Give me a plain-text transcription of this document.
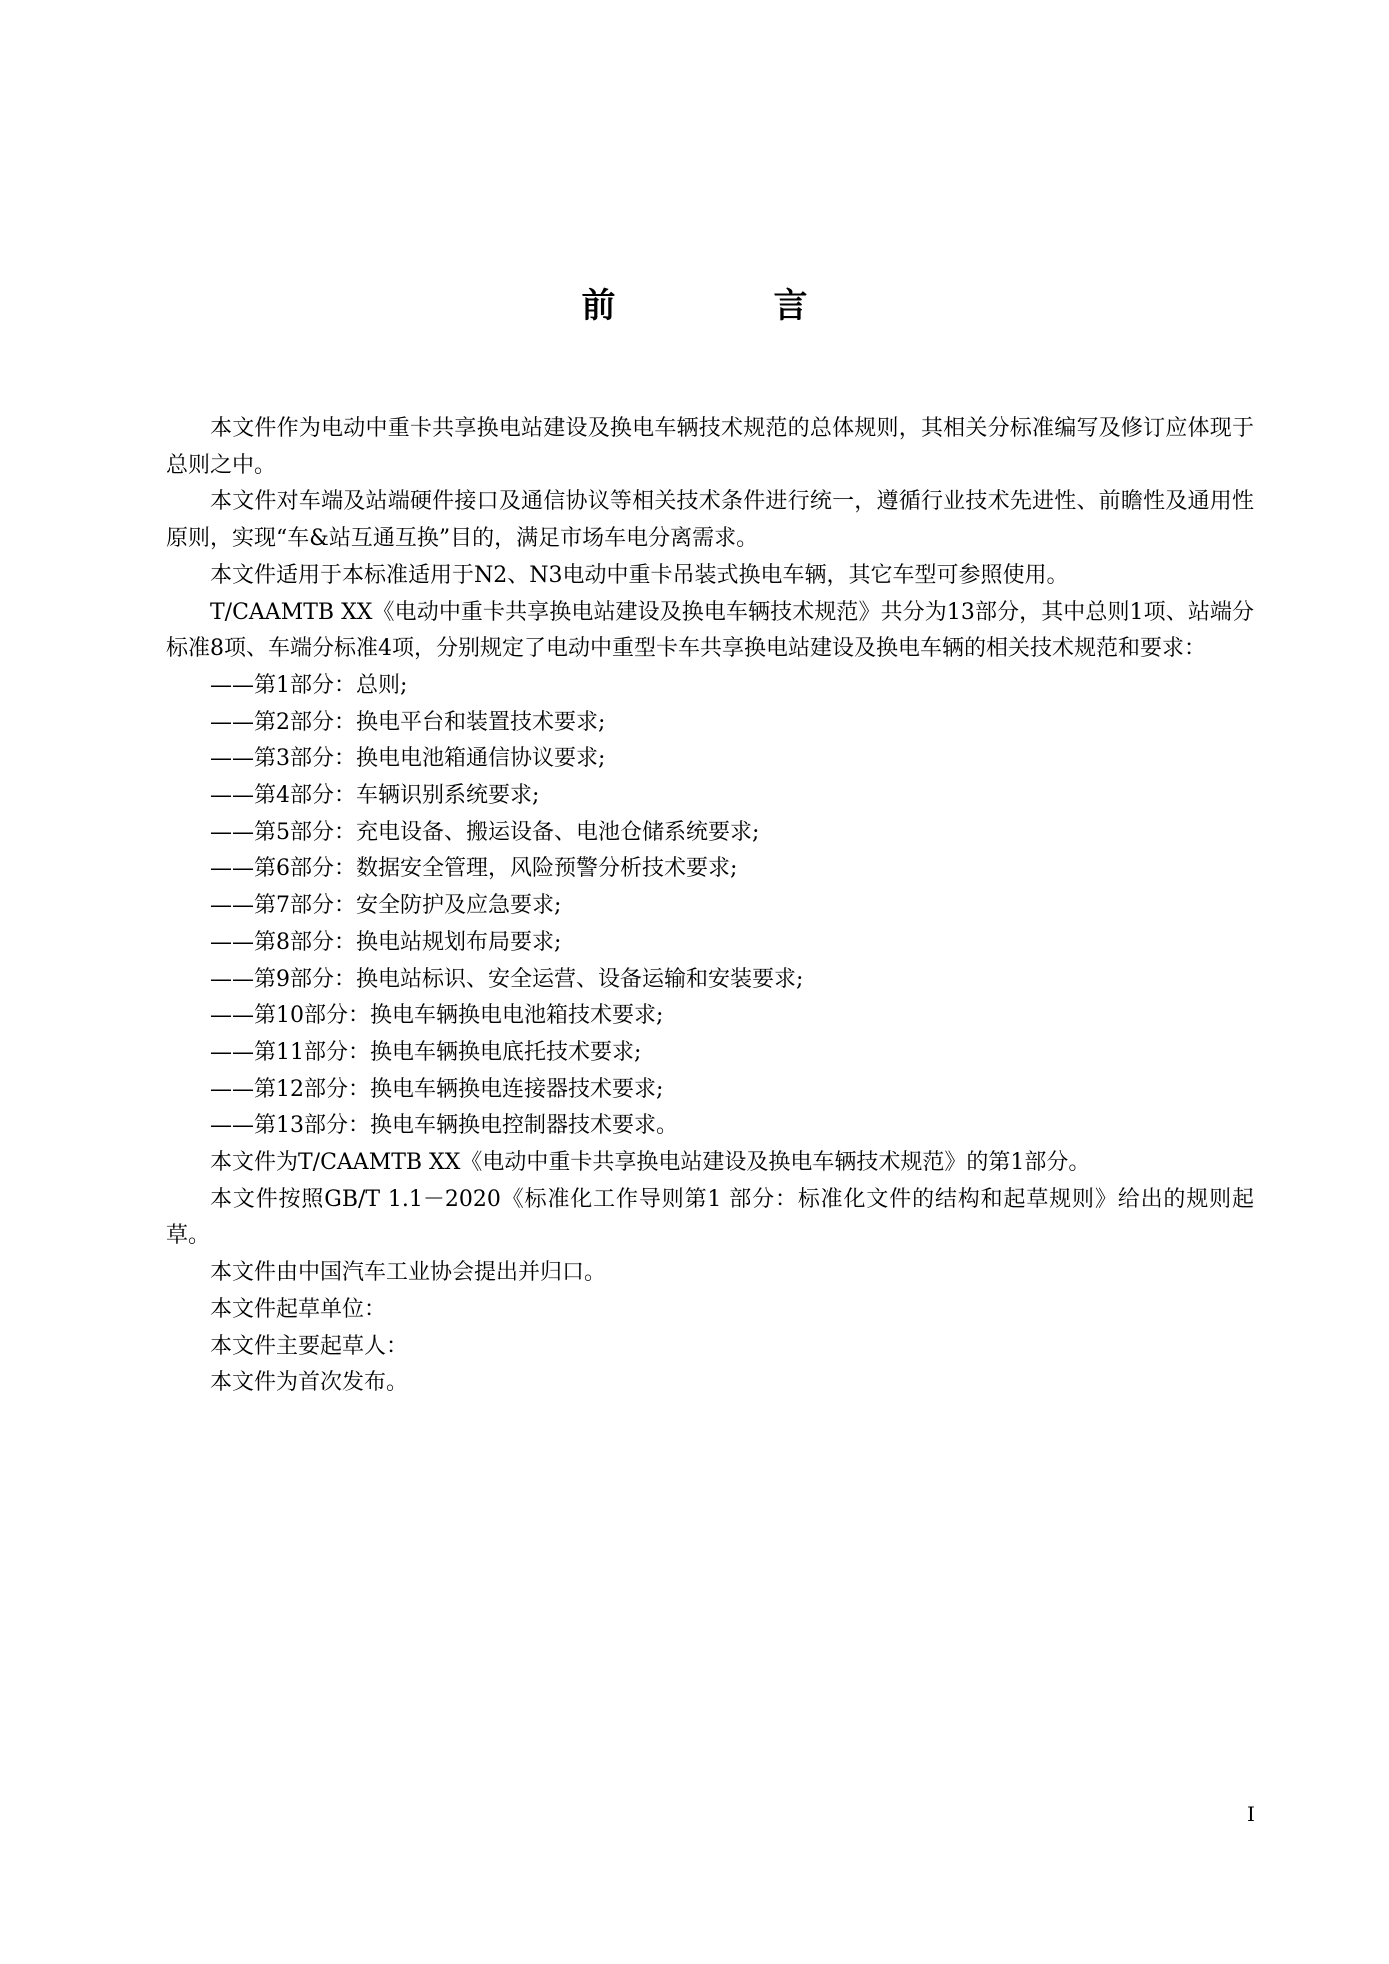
前　言

本文件作为电动中重卡共享换电站建设及换电车辆技术规范的总体规则，其相关分标准编写及修订应体现于总则之中。

本文件对车端及站端硬件接口及通信协议等相关技术条件进行统一，遵循行业技术先进性、前瞻性及通用性原则，实现“车&站互通互换”目的，满足市场车电分离需求。

本文件适用于本标准适用于N2、N3电动中重卡吊装式换电车辆，其它车型可参照使用。

T/CAAMTB XX《电动中重卡共享换电站建设及换电车辆技术规范》共分为13部分，其中总则1项、站端分标准8项、车端分标准4项，分别规定了电动中重型卡车共享换电站建设及换电车辆的相关技术规范和要求：

——第1部分：总则;

——第2部分：换电平台和装置技术要求;

——第3部分：换电电池箱通信协议要求;

——第4部分：车辆识别系统要求;

——第5部分：充电设备、搬运设备、电池仓储系统要求;

——第6部分：数据安全管理，风险预警分析技术要求;

——第7部分：安全防护及应急要求;

——第8部分：换电站规划布局要求;

——第9部分：换电站标识、安全运营、设备运输和安装要求;

——第10部分：换电车辆换电电池箱技术要求;

——第11部分：换电车辆换电底托技术要求;

——第12部分：换电车辆换电连接器技术要求;

——第13部分：换电车辆换电控制器技术要求。

本文件为T/CAAMTB XX《电动中重卡共享换电站建设及换电车辆技术规范》的第1部分。

本文件按照GB/T 1.1－2020《标准化工作导则第1 部分：标准化文件的结构和起草规则》给出的规则起草。

本文件由中国汽车工业协会提出并归口。

本文件起草单位：

本文件主要起草人：

本文件为首次发布。

I
